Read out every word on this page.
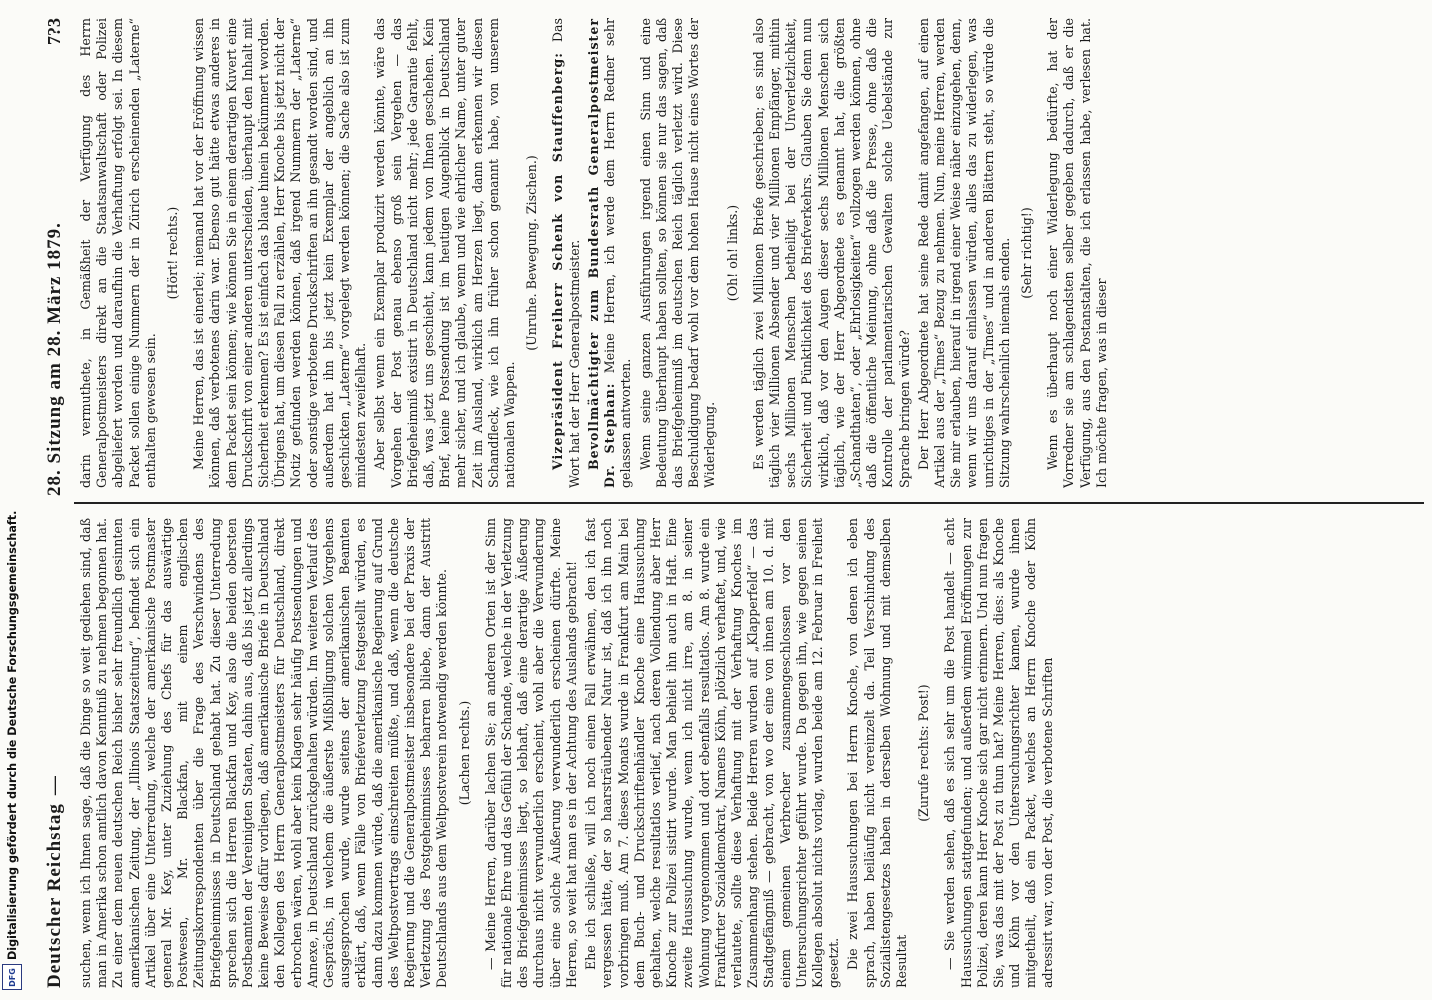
Deutscher Reichstag
—
28. Sitzung am 28. März 1879.
7?3

suchen, wenn ich Ihnen sage, daß die Dinge so weit gediehen sind, daß man in Amerika schon amtlich davon Kenntniß zu nehmen begonnen hat. Zu einer dem neuen deutschen Reich bisher sehr freundlich gesinnten amerikanischen Zeitung, der „Illinois Staatszeitung“, befindet sich ein Artikel über eine Unterredung, welche der amerikanische Postmaster general Mr. Key, unter Zuziehung des Chefs für das auswärtige Postwesen, Mr. Blackfan, mit einem englischen Zeitungskorrespondenten über die Frage des Verschwindens des Briefgeheimnisses in Deutschland gehabt hat. Zu dieser Unterredung sprechen sich die Herren Blackfan und Key, also die beiden obersten Postbeamten der Vereinigten Staaten, dahin aus, daß bis jetzt allerdings keine Beweise dafür vorliegen, daß amerikanische Briefe in Deutschland den Kollegen des Herrn Generalpostmeisters für Deutschland, direkt erbrochen wären, wohl aber kein Klagen sehr häufig Postsendungen und Annexe, in Deutschland zurückgehalten würden. Im weiteren Verlauf des Gesprächs, in welchem die äußerste Mißbilligung solchen Vorgehens ausgesprochen wurde, wurde seitens der amerikanischen Beamten erklärt, daß, wenn Fälle von Briefeverletzung festgestellt würden, es dann dazu kommen würde, daß die amerikanische Regierung auf Grund des Weltpostvertrags einschreiten müßte, und daß, wenn die deutsche Regierung und die Generalpostmeister insbesondere bei der Praxis der Verletzung des Postgeheimnisses beharren bliebe, dann der Austritt Deutschlands aus dem Weltpostverein notwendig werden könnte. (Lachen rechts.) — Meine Herren, darüber lachen Sie; an anderen Orten ist der Sinn für nationale Ehre und das Gefühl der Schande, welche in der Verletzung des Briefgeheimnisses liegt, so lebhaft, daß eine derartige Äußerung durchaus nicht verwunderlich erscheint, wohl aber die Verwunderung über eine solche Äußerung verwunderlich erscheinen dürfte. Meine Herren, so weit hat man es in der Achtung des Auslands gebracht! Ehe ich schließe, will ich noch einen Fall erwähnen, den ich fast vergessen hätte, der so haarsträubender Natur ist, daß ich ihn noch vorbringen muß. Am 7. dieses Monats wurde in Frankfurt am Main bei dem Buch- und Druckschriftenhändler Knoche eine Haussuchung gehalten, welche resultatlos verlief, nach deren Vollendung aber Herr Knoche zur Polizei sistirt wurde. Man behielt ihn auch in Haft. Eine zweite Haussuchung wurde, wenn ich nicht irre, am 8. in seiner Wohnung vorgenommen und dort ebenfalls resultatlos. Am 8. wurde ein Frankfurter Sozialdemokrat, Namens Köhn, plötzlich verhaftet, und, wie verlautete, sollte diese Verhaftung mit der Verhaftung Knoches im Zusammenhang stehen. Beide Herren wurden auf „Klapperfeld“ — das Stadtgefängniß — gebracht, von wo der eine von ihnen am 10. d. mit einem gemeinen Verbrecher zusammengeschlossen vor den Untersuchungsrichter geführt wurde. Da gegen ihn, wie gegen seinen Kollegen absolut nichts vorlag, wurden beide am 12. Februar in Freiheit gesetzt. Die zwei Haussuchungen bei Herrn Knoche, von denen ich eben sprach, haben beiläufig nicht vereinzelt da. Teil Verschindung des Sozialistengesetzes haben in derselben Wohnung und mit demselben Resultat

(Zurufe rechts: Post!) — Sie werden sehen, daß es sich sehr um die Post handelt — acht Haussuchungen stattgefunden; und außerdem wimmel Eröffnungen zur Polizei, deren kann Herr Knoche sich gar nicht erinnern. Und nun fragen Sie, was das mit der Post zu thun hat? Meine Herren, dies: als Knoche und Köhn vor den Untersuchungsrichter kamen, wurde ihnen mitgetheilt, daß ein Packet, welches an Herrn Knoche oder Köhn adressirt war, von der Post, die verbotene Schriften

darin vermuthete, in Gemäßheit der Verfügung des Herrn Generalpostmeisters direkt an die Staatsanwaltschaft oder Polizei abgeliefert worden und daraufhin die Verhaftung erfolgt sei. In diesem Packet sollen einige Nummern der in Zürich erscheinenden „Laterne“ enthalten gewesen sein.

(Hört! rechts.) Meine Herren, das ist einerlei; niemand hat vor der Eröffnung wissen können, daß verbotenes darin war. Ebenso gut hätte etwas anderes in dem Packet sein können; wie können Sie in einem derartigen Kuvert eine Druckschrift von einer anderen unterscheiden, überhaupt den Inhalt mit Sicherheit erkennen? Es ist einfach das blaue hinein bekümmert worden. Übrigens hat, um diesen Fall zu erzählen, Herr Knoche bis jetzt nicht der Notiz gefunden werden können, daß irgend Nummern der „Laterne“ oder sonstige verbotene Druckschriften an ihn gesandt worden sind, und außerdem hat ihn bis jetzt kein Exemplar der angeblich an ihn geschickten „Laterne“ vorgelegt werden können; die Sache also ist zum mindesten zweifelhaft. Aber selbst wenn ein Exemplar produzirt werden könnte, wäre das Vorgehen der Post genau ebenso groß sein Vergehen — das Briefgeheimniß existirt in Deutschland nicht mehr; jede Garantie fehlt, daß, was jetzt uns geschieht, kann jedem von Ihnen geschehen. Kein Brief, keine Postsendung ist im heutigen Augenblick in Deutschland mehr sicher, und ich glaube, wenn und wie ehrlicher Name, unter guter Zeit im Ausland, wirklich am Herzen liegt, dann erkennen wir diesen Schandfleck, wie ich ihn früher schon genannt habe, von unserem nationalen Wappen.

(Unruhe. Bewegung. Zischen.) Vizepräsident Freiherr Schenk von Stauffenberg: Das Wort hat der Herr Generalpostmeister. Bevollmächtigter zum Bundesrath Generalpostmeister Dr. Stephan: Meine Herren, ich werde dem Herrn Redner sehr gelassen antworten. Wenn seine ganzen Ausführungen irgend einen Sinn und eine Bedeutung überhaupt haben sollten, so können sie nur das sagen, daß das Briefgeheimniß im deutschen Reich täglich verletzt wird. Diese Beschuldigung bedarf wohl vor dem hohen Hause nicht eines Wortes der Widerlegung.

(Oh! oh! links.) Es werden täglich zwei Millionen Briefe geschrieben; es sind also täglich vier Millionen Absender und vier Millionen Empfänger, mithin sechs Millionen Menschen betheiligt bei der Unverletzlichkeit, Sicherheit und Pünktlichkeit des Briefverkehrs. Glauben Sie denn nun wirklich, daß vor den Augen dieser sechs Millionen Menschen sich täglich, wie der Herr Abgeordnete es genannt hat, die größten „Schandthaten“, oder „Ehrlosigkeiten“ vollzogen werden können, ohne daß die öffentliche Meinung, ohne daß die Presse, ohne daß die Kontrolle der parlamentarischen Gewalten solche Uebelstände zur Sprache bringen würde? Der Herr Abgeordnete hat seine Rede damit angefangen, auf einen Artikel aus der „Times“ Bezug zu nehmen. Nun, meine Herren, werden Sie mir erlauben, hierauf in irgend einer Weise näher einzugehen, denn, wenn wir uns darauf einlassen würden, alles das zu widerlegen, was unrichtiges in der „Times“ und in anderen Blättern steht, so würde die Sitzung wahrscheinlich niemals enden. (Sehr richtig!) Wenn es überhaupt noch einer Widerlegung bedürfte, hat der Vorredner sie am schlagendsten selber gegeben dadurch, daß er die Verfügung, aus den Postanstalten, die ich erlassen habe, verlesen hat. Ich möchte fragen, was in dieser

Digitalisierung gefördert durch die Deutsche Forschungsgemeinschaft.
DFG
